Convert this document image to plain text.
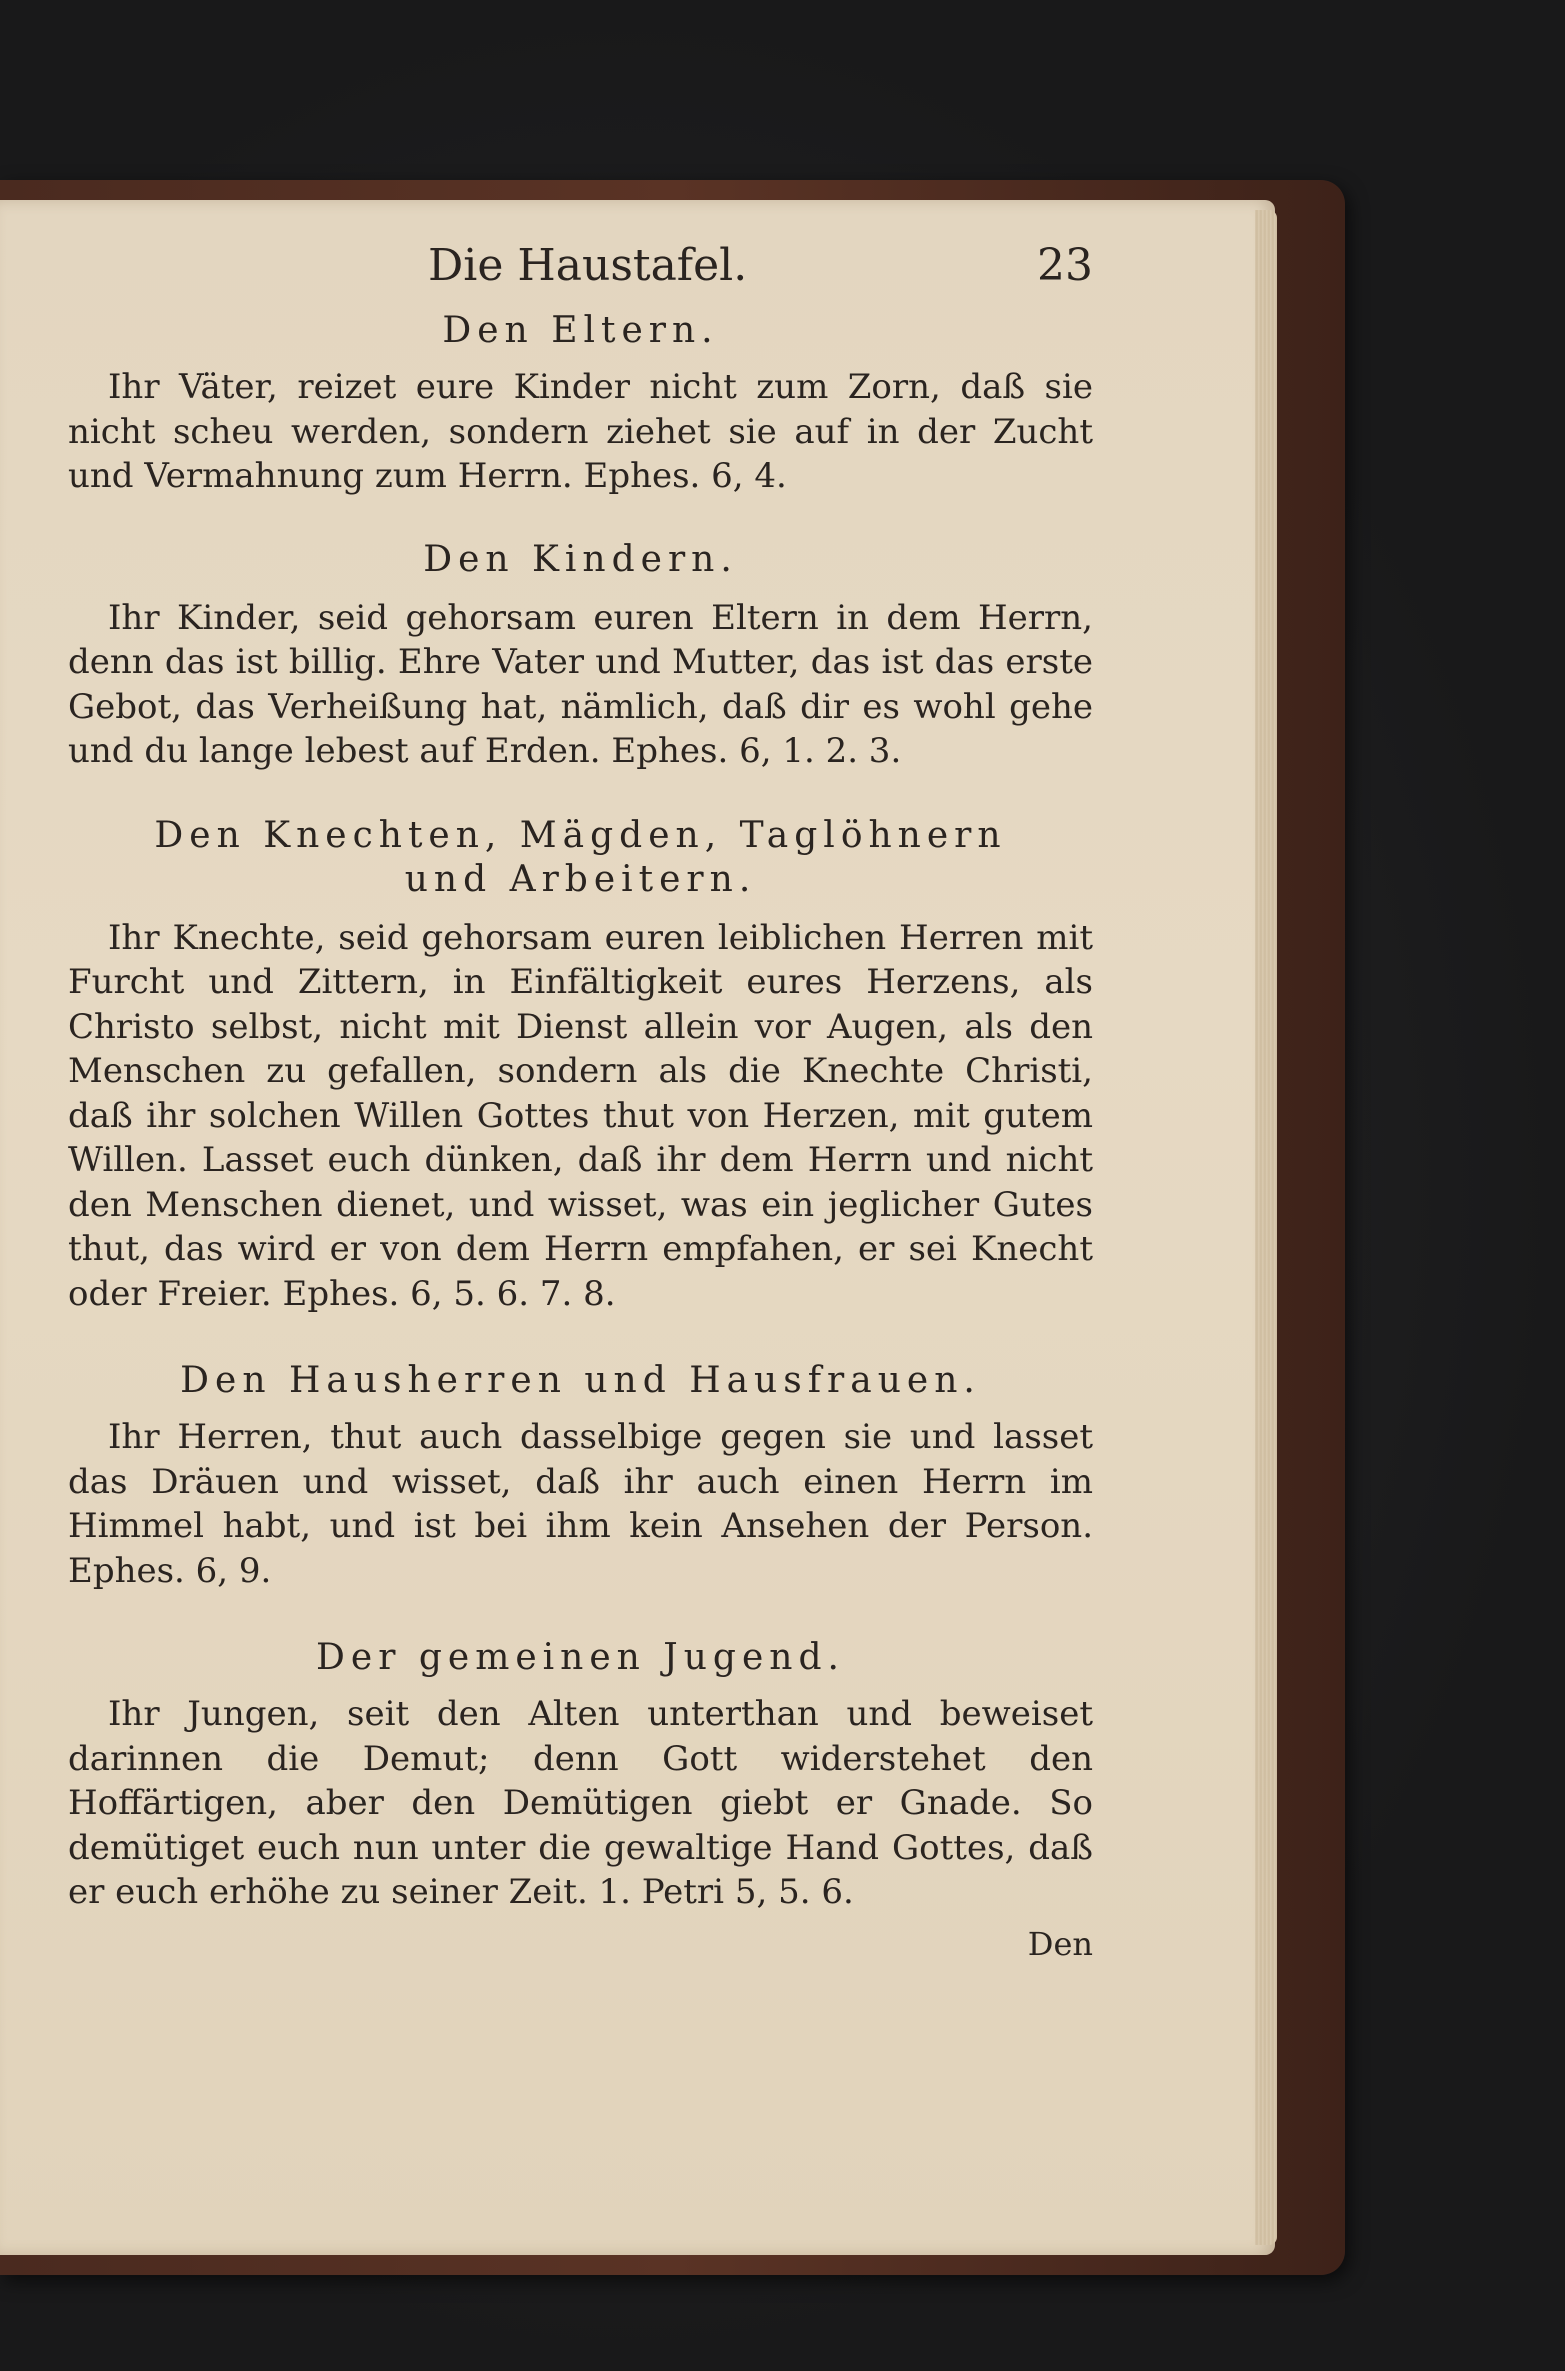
Die Haustafel.	23
Den Eltern.

Ihr Väter, reizet eure Kinder nicht zum Zorn, daß sie nicht scheu werden, sondern ziehet sie auf in der Zucht und Vermahnung zum Herrn. Ephes. 6, 4.

Den Kindern.

Ihr Kinder, seid gehorsam euren Eltern in dem Herrn, denn das ist billig. Ehre Vater und Mutter, das ist das erste Gebot, das Verheißung hat, nämlich, daß dir es wohl gehe und du lange lebest auf Erden. Ephes. 6, 1. 2. 3.

Den Knechten, Mägden, Taglöhnern und Arbeitern.

Ihr Knechte, seid gehorsam euren leiblichen Herren mit Furcht und Zittern, in Einfältigkeit eures Herzens, als Christo selbst, nicht mit Dienst allein vor Augen, als den Menschen zu gefallen, sondern als die Knechte Christi, daß ihr solchen Willen Gottes thut von Herzen, mit gutem Willen. Lasset euch dünken, daß ihr dem Herrn und nicht den Menschen dienet, und wisset, was ein jeglicher Gutes thut, das wird er von dem Herrn empfahen, er sei Knecht oder Freier. Ephes. 6, 5. 6. 7. 8.

Den Hausherren und Hausfrauen.

Ihr Herren, thut auch dasselbige gegen sie und lasset das Dräuen und wisset, daß ihr auch einen Herrn im Himmel habt, und ist bei ihm kein Ansehen der Person. Ephes. 6, 9.

Der gemeinen Jugend.

Ihr Jungen, seit den Alten unterthan und beweiset darinnen die Demut; denn Gott widerstehet den Hoffärtigen, aber den Demütigen giebt er Gnade. So demütiget euch nun unter die gewaltige Hand Gottes, daß er euch erhöhe zu seiner Zeit. 1. Petri 5, 5. 6.

Den
